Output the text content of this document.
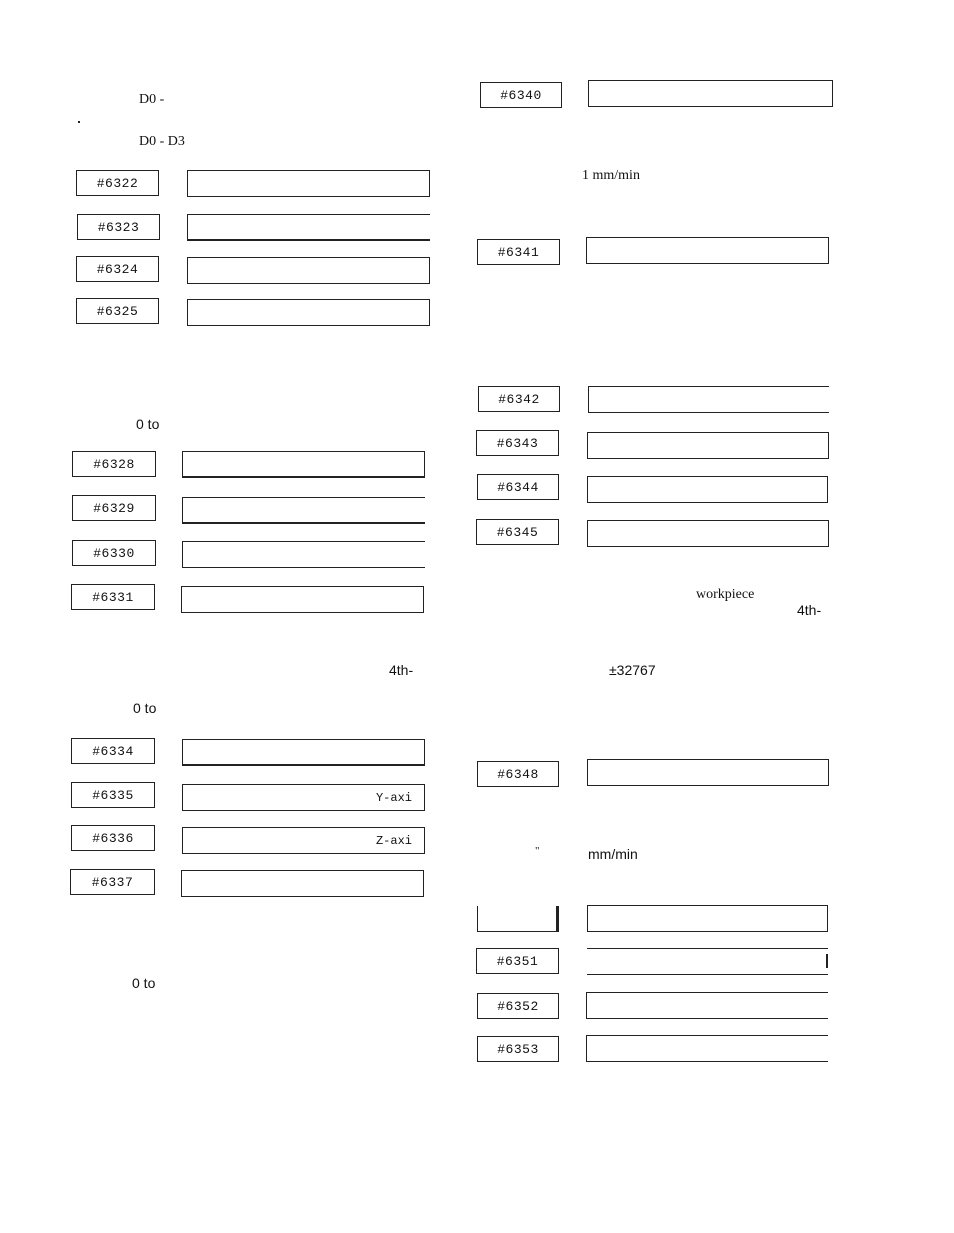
D0 -
D0 - D3
#6322
#6323
#6324
#6325
0 to
#6328
#6329
#6330
#6331
4th-
0 to
#6334
#6335	Y-axi
#6336	Z-axi
#6337
0 to
#6340
1 mm/min
#6341
#6342
#6343
#6344
#6345
workpiece
4th-
±32767
#6348
"	mm/min
#6351
#6352
#6353
